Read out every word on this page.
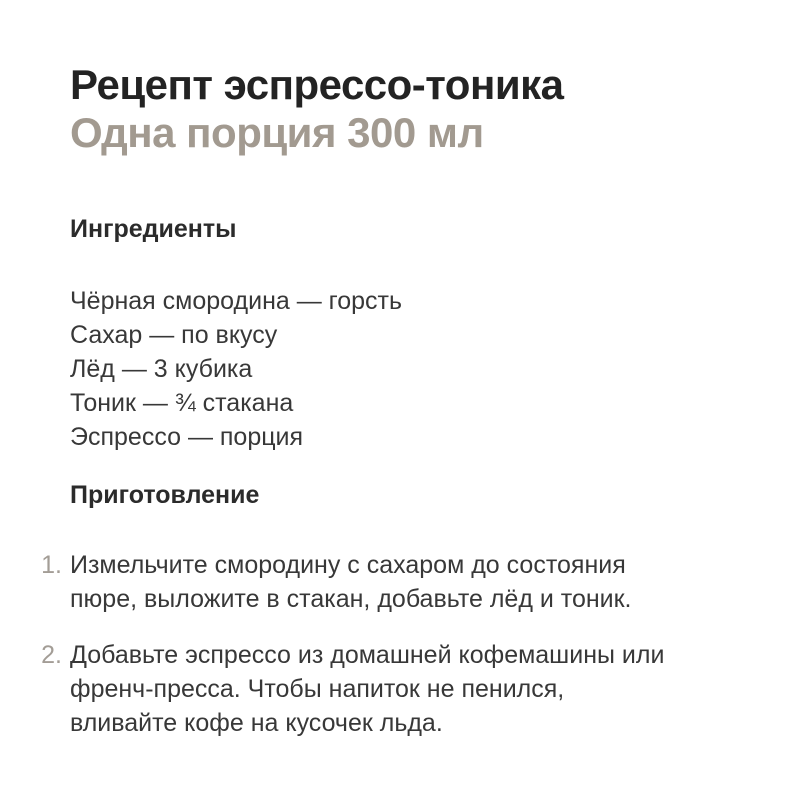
Рецепт эспрессо-тоника
Одна порция 300 мл
Ингредиенты
Чёрная смородина — горсть
Сахар — по вкусу
Лёд — 3 кубика
Тоник — ¾ стакана
Эспрессо — порция
Приготовление
1. Измельчите смородину с сахаром до состояния пюре, выложите в стакан, добавьте лёд и тоник.

2. Добавьте эспрессо из домашней кофемашины или френч-пресса. Чтобы напиток не пенился, вливайте кофе на кусочек льда.
